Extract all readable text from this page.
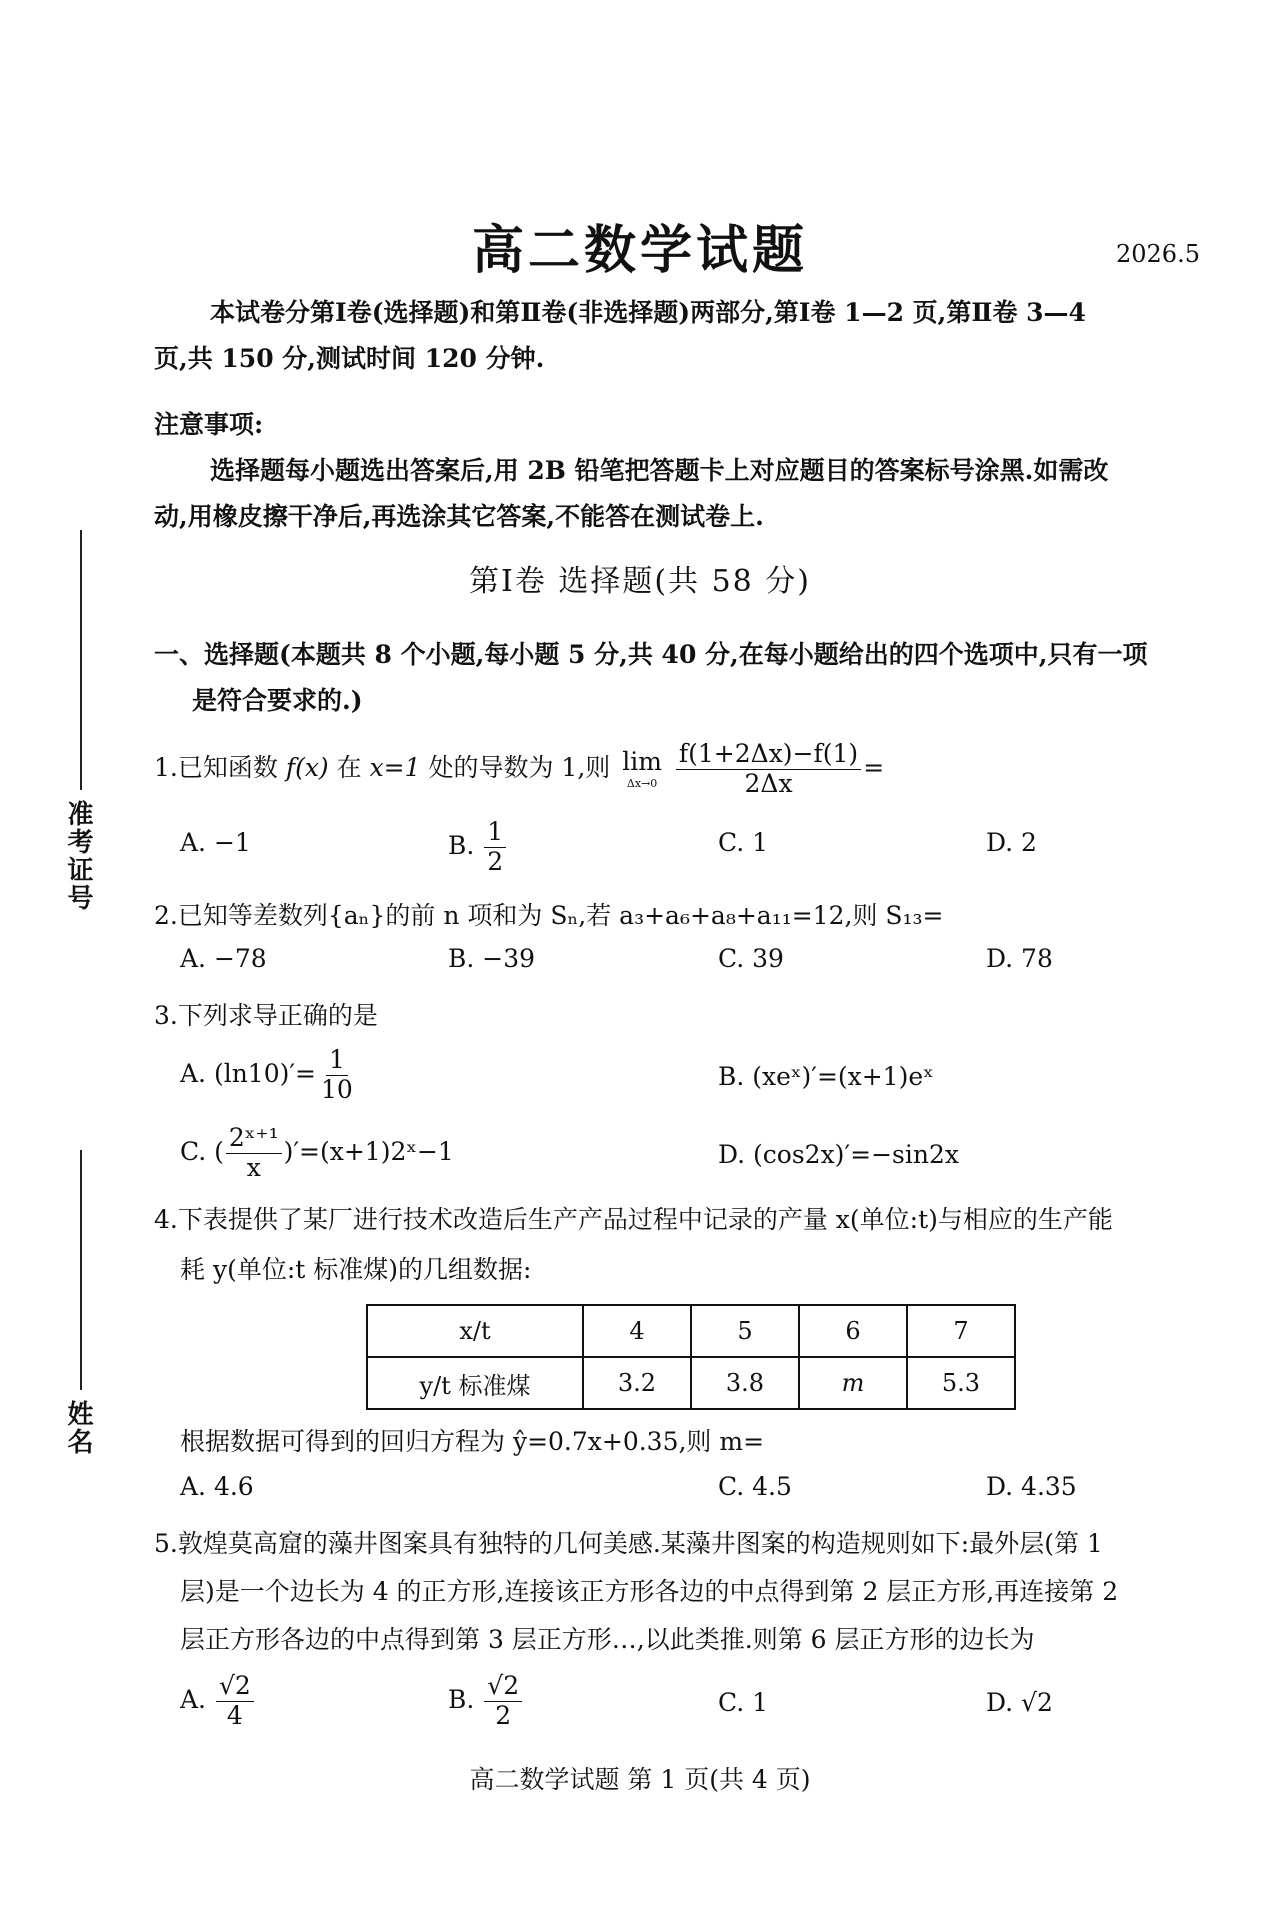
高二数学试题	2026.5
本试卷分第Ⅰ卷(选择题)和第Ⅱ卷(非选择题)两部分,第Ⅰ卷 1—2 页,第Ⅱ卷 3—4
页,共 150 分,测试时间 120 分钟.
注意事项:
选择题每小题选出答案后,用 2B 铅笔把答题卡上对应题目的答案标号涂黑.如需改
动,用橡皮擦干净后,再选涂其它答案,不能答在测试卷上.
第Ⅰ卷 选择题(共 58 分)
一、选择题(本题共 8 个小题,每小题 5 分,共 40 分,在每小题给出的四个选项中,只有一项
是符合要求的.)
准考证号
姓名
1.已知函数 f(x) 在 x=1 处的导数为 1,则 lim
Δx→0
$\frac{f(1+2\Delta x)-f(1)}{2\Delta x}$ =
A. −1	B. $\frac{1}{2}$	C. 1	D. 2
2.已知等差数列{aₙ}的前 n 项和为 Sₙ,若 a₃+a₆+a₈+a₁₁=12,则 S₁₃=
A. −78	B. −39	C. 39	D. 78
3.下列求导正确的是
A. $(\ln 10)'= \frac{1}{10}$	B. (xeˣ)′=(x+1)eˣ
C. ( $\frac{\text{2ˣ⁺¹}}{x}$ )′=(x+1)2ˣ−1	D. (cos2x)′=−sin2x
4.下表提供了某厂进行技术改造后生产产品过程中记录的产量 x(单位:t)与相应的生产能
耗 y(单位:t 标准煤)的几组数据:
x/t	4	5	6	7
y/t 标准煤	3.2	3.8	m	5.3
根据数据可得到的回归方程为 ŷ=0.7x+0.35,则 m=
A. 4.6	C. 4.5	D. 4.35
5.敦煌莫高窟的藻井图案具有独特的几何美感.某藻井图案的构造规则如下:最外层(第 1
层)是一个边长为 4 的正方形,连接该正方形各边的中点得到第 2 层正方形,再连接第 2
层正方形各边的中点得到第 3 层正方形…,以此类推.则第 6 层正方形的边长为
A. $\frac{√2}{4}$	B. $\frac{√2}{2}$	C. 1	D. √2
高二数学试题 第 1 页(共 4 页)
